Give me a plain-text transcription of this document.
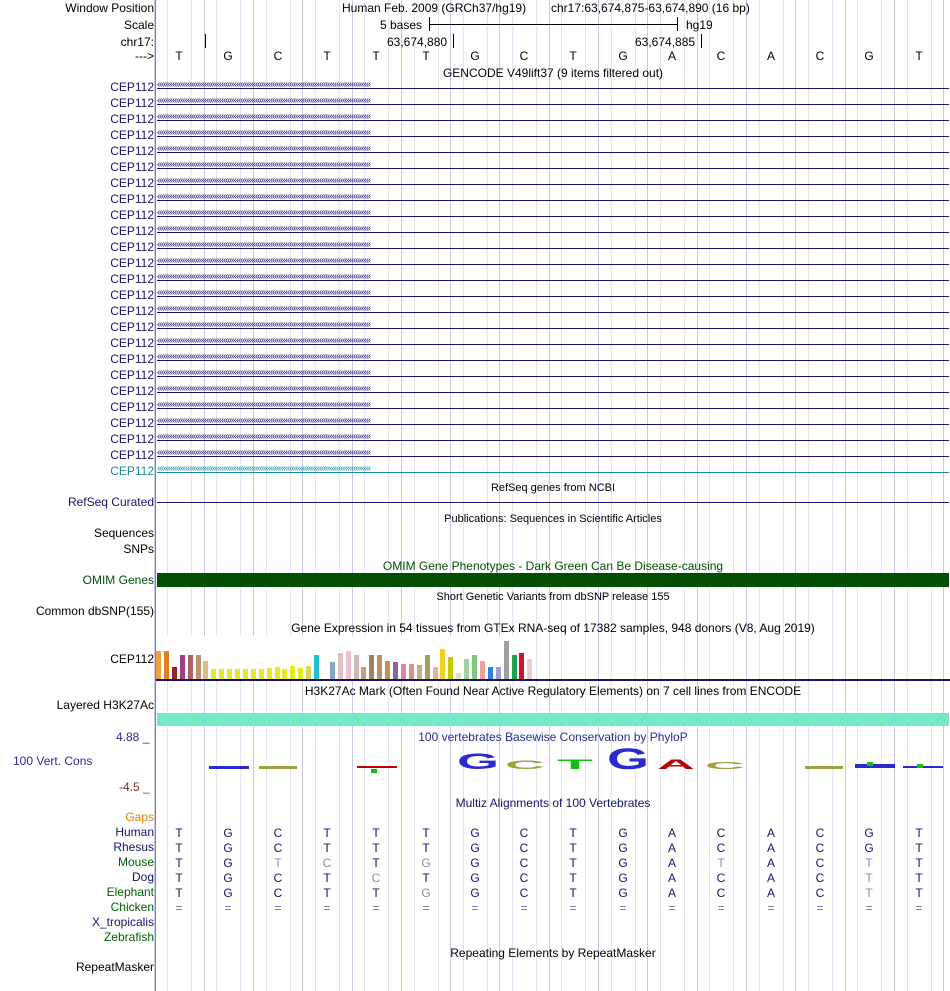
Window Position	Human Feb. 2009 (GRCh37/hg19) chr17:63,674,875-63,674,890 (16 bp)
Scale	5 bases	hg19
chr17:	63,674,880	63,674,885
--->	T	G	C	T	T	T	G	C	T	G	A	C	A	C	G	T
GENCODE V49lift37 (9 items filtered out)
CEP112 ‹‹‹‹‹‹‹‹‹‹‹‹‹‹‹‹‹‹‹‹‹‹‹‹‹‹‹‹‹‹‹‹‹‹‹‹‹‹‹‹‹‹‹‹‹‹‹‹‹‹‹‹‹‹‹‹‹‹‹‹‹‹‹‹‹‹‹‹‹‹‹‹‹‹‹‹‹‹‹‹‹‹‹‹‹‹‹‹‹‹‹‹‹‹‹‹‹‹‹‹
CEP112 ‹‹‹‹‹‹‹‹‹‹‹‹‹‹‹‹‹‹‹‹‹‹‹‹‹‹‹‹‹‹‹‹‹‹‹‹‹‹‹‹‹‹‹‹‹‹‹‹‹‹‹‹‹‹‹‹‹‹‹‹‹‹‹‹‹‹‹‹‹‹‹‹‹‹‹‹‹‹‹‹‹‹‹‹‹‹‹‹‹‹‹‹‹‹‹‹‹‹‹‹
CEP112 ‹‹‹‹‹‹‹‹‹‹‹‹‹‹‹‹‹‹‹‹‹‹‹‹‹‹‹‹‹‹‹‹‹‹‹‹‹‹‹‹‹‹‹‹‹‹‹‹‹‹‹‹‹‹‹‹‹‹‹‹‹‹‹‹‹‹‹‹‹‹‹‹‹‹‹‹‹‹‹‹‹‹‹‹‹‹‹‹‹‹‹‹‹‹‹‹‹‹‹‹
CEP112 ‹‹‹‹‹‹‹‹‹‹‹‹‹‹‹‹‹‹‹‹‹‹‹‹‹‹‹‹‹‹‹‹‹‹‹‹‹‹‹‹‹‹‹‹‹‹‹‹‹‹‹‹‹‹‹‹‹‹‹‹‹‹‹‹‹‹‹‹‹‹‹‹‹‹‹‹‹‹‹‹‹‹‹‹‹‹‹‹‹‹‹‹‹‹‹‹‹‹‹‹
CEP112 ‹‹‹‹‹‹‹‹‹‹‹‹‹‹‹‹‹‹‹‹‹‹‹‹‹‹‹‹‹‹‹‹‹‹‹‹‹‹‹‹‹‹‹‹‹‹‹‹‹‹‹‹‹‹‹‹‹‹‹‹‹‹‹‹‹‹‹‹‹‹‹‹‹‹‹‹‹‹‹‹‹‹‹‹‹‹‹‹‹‹‹‹‹‹‹‹‹‹‹‹
CEP112 ‹‹‹‹‹‹‹‹‹‹‹‹‹‹‹‹‹‹‹‹‹‹‹‹‹‹‹‹‹‹‹‹‹‹‹‹‹‹‹‹‹‹‹‹‹‹‹‹‹‹‹‹‹‹‹‹‹‹‹‹‹‹‹‹‹‹‹‹‹‹‹‹‹‹‹‹‹‹‹‹‹‹‹‹‹‹‹‹‹‹‹‹‹‹‹‹‹‹‹‹
CEP112 ‹‹‹‹‹‹‹‹‹‹‹‹‹‹‹‹‹‹‹‹‹‹‹‹‹‹‹‹‹‹‹‹‹‹‹‹‹‹‹‹‹‹‹‹‹‹‹‹‹‹‹‹‹‹‹‹‹‹‹‹‹‹‹‹‹‹‹‹‹‹‹‹‹‹‹‹‹‹‹‹‹‹‹‹‹‹‹‹‹‹‹‹‹‹‹‹‹‹‹‹
CEP112 ‹‹‹‹‹‹‹‹‹‹‹‹‹‹‹‹‹‹‹‹‹‹‹‹‹‹‹‹‹‹‹‹‹‹‹‹‹‹‹‹‹‹‹‹‹‹‹‹‹‹‹‹‹‹‹‹‹‹‹‹‹‹‹‹‹‹‹‹‹‹‹‹‹‹‹‹‹‹‹‹‹‹‹‹‹‹‹‹‹‹‹‹‹‹‹‹‹‹‹‹
CEP112 ‹‹‹‹‹‹‹‹‹‹‹‹‹‹‹‹‹‹‹‹‹‹‹‹‹‹‹‹‹‹‹‹‹‹‹‹‹‹‹‹‹‹‹‹‹‹‹‹‹‹‹‹‹‹‹‹‹‹‹‹‹‹‹‹‹‹‹‹‹‹‹‹‹‹‹‹‹‹‹‹‹‹‹‹‹‹‹‹‹‹‹‹‹‹‹‹‹‹‹‹
CEP112 ‹‹‹‹‹‹‹‹‹‹‹‹‹‹‹‹‹‹‹‹‹‹‹‹‹‹‹‹‹‹‹‹‹‹‹‹‹‹‹‹‹‹‹‹‹‹‹‹‹‹‹‹‹‹‹‹‹‹‹‹‹‹‹‹‹‹‹‹‹‹‹‹‹‹‹‹‹‹‹‹‹‹‹‹‹‹‹‹‹‹‹‹‹‹‹‹‹‹‹‹
CEP112 ‹‹‹‹‹‹‹‹‹‹‹‹‹‹‹‹‹‹‹‹‹‹‹‹‹‹‹‹‹‹‹‹‹‹‹‹‹‹‹‹‹‹‹‹‹‹‹‹‹‹‹‹‹‹‹‹‹‹‹‹‹‹‹‹‹‹‹‹‹‹‹‹‹‹‹‹‹‹‹‹‹‹‹‹‹‹‹‹‹‹‹‹‹‹‹‹‹‹‹‹
CEP112 ‹‹‹‹‹‹‹‹‹‹‹‹‹‹‹‹‹‹‹‹‹‹‹‹‹‹‹‹‹‹‹‹‹‹‹‹‹‹‹‹‹‹‹‹‹‹‹‹‹‹‹‹‹‹‹‹‹‹‹‹‹‹‹‹‹‹‹‹‹‹‹‹‹‹‹‹‹‹‹‹‹‹‹‹‹‹‹‹‹‹‹‹‹‹‹‹‹‹‹‹
CEP112 ‹‹‹‹‹‹‹‹‹‹‹‹‹‹‹‹‹‹‹‹‹‹‹‹‹‹‹‹‹‹‹‹‹‹‹‹‹‹‹‹‹‹‹‹‹‹‹‹‹‹‹‹‹‹‹‹‹‹‹‹‹‹‹‹‹‹‹‹‹‹‹‹‹‹‹‹‹‹‹‹‹‹‹‹‹‹‹‹‹‹‹‹‹‹‹‹‹‹‹‹
CEP112 ‹‹‹‹‹‹‹‹‹‹‹‹‹‹‹‹‹‹‹‹‹‹‹‹‹‹‹‹‹‹‹‹‹‹‹‹‹‹‹‹‹‹‹‹‹‹‹‹‹‹‹‹‹‹‹‹‹‹‹‹‹‹‹‹‹‹‹‹‹‹‹‹‹‹‹‹‹‹‹‹‹‹‹‹‹‹‹‹‹‹‹‹‹‹‹‹‹‹‹‹
CEP112 ‹‹‹‹‹‹‹‹‹‹‹‹‹‹‹‹‹‹‹‹‹‹‹‹‹‹‹‹‹‹‹‹‹‹‹‹‹‹‹‹‹‹‹‹‹‹‹‹‹‹‹‹‹‹‹‹‹‹‹‹‹‹‹‹‹‹‹‹‹‹‹‹‹‹‹‹‹‹‹‹‹‹‹‹‹‹‹‹‹‹‹‹‹‹‹‹‹‹‹‹
CEP112 ‹‹‹‹‹‹‹‹‹‹‹‹‹‹‹‹‹‹‹‹‹‹‹‹‹‹‹‹‹‹‹‹‹‹‹‹‹‹‹‹‹‹‹‹‹‹‹‹‹‹‹‹‹‹‹‹‹‹‹‹‹‹‹‹‹‹‹‹‹‹‹‹‹‹‹‹‹‹‹‹‹‹‹‹‹‹‹‹‹‹‹‹‹‹‹‹‹‹‹‹
CEP112 ‹‹‹‹‹‹‹‹‹‹‹‹‹‹‹‹‹‹‹‹‹‹‹‹‹‹‹‹‹‹‹‹‹‹‹‹‹‹‹‹‹‹‹‹‹‹‹‹‹‹‹‹‹‹‹‹‹‹‹‹‹‹‹‹‹‹‹‹‹‹‹‹‹‹‹‹‹‹‹‹‹‹‹‹‹‹‹‹‹‹‹‹‹‹‹‹‹‹‹‹
CEP112 ‹‹‹‹‹‹‹‹‹‹‹‹‹‹‹‹‹‹‹‹‹‹‹‹‹‹‹‹‹‹‹‹‹‹‹‹‹‹‹‹‹‹‹‹‹‹‹‹‹‹‹‹‹‹‹‹‹‹‹‹‹‹‹‹‹‹‹‹‹‹‹‹‹‹‹‹‹‹‹‹‹‹‹‹‹‹‹‹‹‹‹‹‹‹‹‹‹‹‹‹
CEP112 ‹‹‹‹‹‹‹‹‹‹‹‹‹‹‹‹‹‹‹‹‹‹‹‹‹‹‹‹‹‹‹‹‹‹‹‹‹‹‹‹‹‹‹‹‹‹‹‹‹‹‹‹‹‹‹‹‹‹‹‹‹‹‹‹‹‹‹‹‹‹‹‹‹‹‹‹‹‹‹‹‹‹‹‹‹‹‹‹‹‹‹‹‹‹‹‹‹‹‹‹
CEP112 ‹‹‹‹‹‹‹‹‹‹‹‹‹‹‹‹‹‹‹‹‹‹‹‹‹‹‹‹‹‹‹‹‹‹‹‹‹‹‹‹‹‹‹‹‹‹‹‹‹‹‹‹‹‹‹‹‹‹‹‹‹‹‹‹‹‹‹‹‹‹‹‹‹‹‹‹‹‹‹‹‹‹‹‹‹‹‹‹‹‹‹‹‹‹‹‹‹‹‹‹
CEP112 ‹‹‹‹‹‹‹‹‹‹‹‹‹‹‹‹‹‹‹‹‹‹‹‹‹‹‹‹‹‹‹‹‹‹‹‹‹‹‹‹‹‹‹‹‹‹‹‹‹‹‹‹‹‹‹‹‹‹‹‹‹‹‹‹‹‹‹‹‹‹‹‹‹‹‹‹‹‹‹‹‹‹‹‹‹‹‹‹‹‹‹‹‹‹‹‹‹‹‹‹
CEP112 ‹‹‹‹‹‹‹‹‹‹‹‹‹‹‹‹‹‹‹‹‹‹‹‹‹‹‹‹‹‹‹‹‹‹‹‹‹‹‹‹‹‹‹‹‹‹‹‹‹‹‹‹‹‹‹‹‹‹‹‹‹‹‹‹‹‹‹‹‹‹‹‹‹‹‹‹‹‹‹‹‹‹‹‹‹‹‹‹‹‹‹‹‹‹‹‹‹‹‹‹
CEP112 ‹‹‹‹‹‹‹‹‹‹‹‹‹‹‹‹‹‹‹‹‹‹‹‹‹‹‹‹‹‹‹‹‹‹‹‹‹‹‹‹‹‹‹‹‹‹‹‹‹‹‹‹‹‹‹‹‹‹‹‹‹‹‹‹‹‹‹‹‹‹‹‹‹‹‹‹‹‹‹‹‹‹‹‹‹‹‹‹‹‹‹‹‹‹‹‹‹‹‹‹
CEP112 ‹‹‹‹‹‹‹‹‹‹‹‹‹‹‹‹‹‹‹‹‹‹‹‹‹‹‹‹‹‹‹‹‹‹‹‹‹‹‹‹‹‹‹‹‹‹‹‹‹‹‹‹‹‹‹‹‹‹‹‹‹‹‹‹‹‹‹‹‹‹‹‹‹‹‹‹‹‹‹‹‹‹‹‹‹‹‹‹‹‹‹‹‹‹‹‹‹‹‹‹
CEP112 ‹‹‹‹‹‹‹‹‹‹‹‹‹‹‹‹‹‹‹‹‹‹‹‹‹‹‹‹‹‹‹‹‹‹‹‹‹‹‹‹‹‹‹‹‹‹‹‹‹‹‹‹‹‹‹‹‹‹‹‹‹‹‹‹‹‹‹‹‹‹‹‹‹‹‹‹‹‹‹‹‹‹‹‹‹‹‹‹‹‹‹‹‹‹‹‹‹‹‹‹
RefSeq genes from NCBI
RefSeq Curated
Publications: Sequences in Scientific Articles
Sequences
SNPs
OMIM Gene Phenotypes - Dark Green Can Be Disease-causing
OMIM Genes
Short Genetic Variants from dbSNP release 155
Common dbSNP(155)
Gene Expression in 54 tissues from GTEx RNA-seq of 17382 samples, 948 donors (V8, Aug 2019)
CEP112
H3K27Ac Mark (Often Found Near Active Regulatory Elements) on 7 cell lines from ENCODE
Layered H3K27Ac
100 vertebrates Basewise Conservation by PhyloP
4.88 _
100 Vert. Cons
-4.5 _
G C T G A C
Multiz Alignments of 100 Vertebrates
Gaps
Human	T	G	C	T	T	T	G	C	T	G	A	C	A	C	G	T
Rhesus	T	G	C	T	T	T	G	C	T	G	A	C	A	C	G	T
Mouse	T	G	T	C	T	G	G	C	T	G	A	T	A	C	T	T
Dog	T	G	C	T	C	T	G	C	T	G	A	C	A	C	T	T
Elephant	T	G	C	T	T	G	G	C	T	G	A	C	A	C	T	T
Chicken	=	=	=	=	=	=	=	=	=	=	=	=	=	=	=	=
X_tropicalis
Zebrafish
Repeating Elements by RepeatMasker
RepeatMasker
